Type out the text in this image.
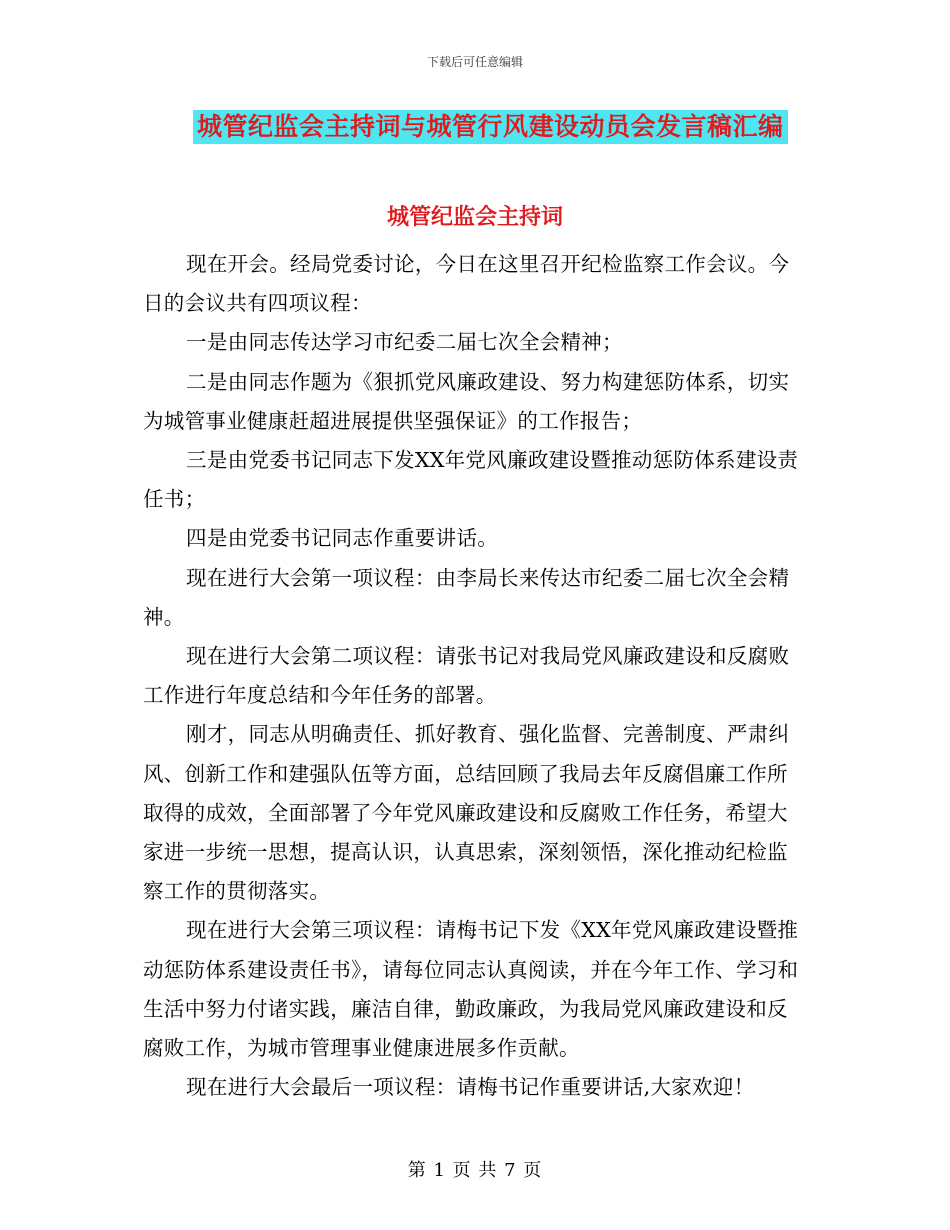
下载后可任意编辑
城管纪监会主持词与城管行风建设动员会发言稿汇编
城管纪监会主持词

现在开会。经局党委讨论，今日在这里召开纪检监察工作会议。今日的会议共有四项议程：

一是由同志传达学习市纪委二届七次全会精神；

二是由同志作题为《狠抓党风廉政建设、努力构建惩防体系，切实为城管事业健康赶超进展提供坚强保证》的工作报告；

三是由党委书记同志下发XX年党风廉政建设暨推动惩防体系建设责任书；

四是由党委书记同志作重要讲话。

现在进行大会第一项议程：由李局长来传达市纪委二届七次全会精神。

现在进行大会第二项议程：请张书记对我局党风廉政建设和反腐败工作进行年度总结和今年任务的部署。

刚才，同志从明确责任、抓好教育、强化监督、完善制度、严肃纠风、创新工作和建强队伍等方面，总结回顾了我局去年反腐倡廉工作所取得的成效，全面部署了今年党风廉政建设和反腐败工作任务，希望大家进一步统一思想，提高认识，认真思索，深刻领悟，深化推动纪检监察工作的贯彻落实。

现在进行大会第三项议程：请梅书记下发《XX年党风廉政建设暨推动惩防体系建设责任书》，请每位同志认真阅读，并在今年工作、学习和生活中努力付诸实践，廉洁自律，勤政廉政，为我局党风廉政建设和反腐败工作，为城市管理事业健康进展多作贡献。

现在进行大会最后一项议程：请梅书记作重要讲话,大家欢迎！

第 1 页 共 7 页
